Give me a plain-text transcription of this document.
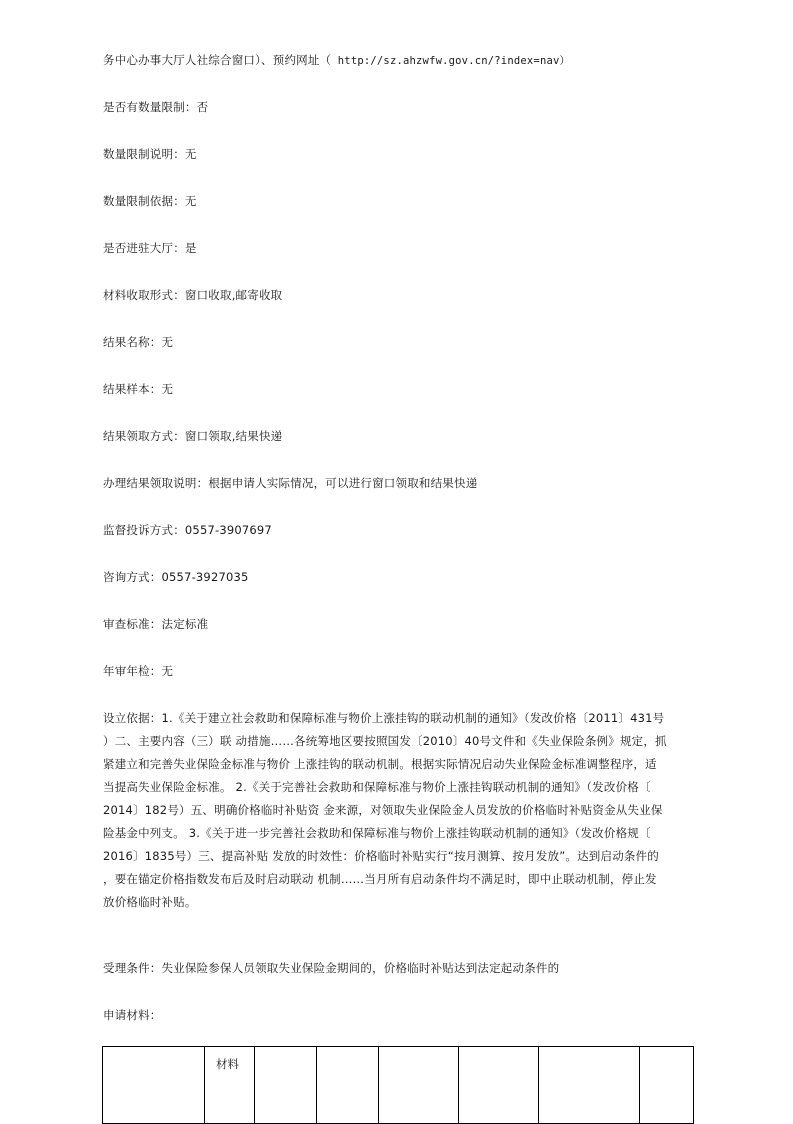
务中心办事大厅人社综合窗口）、预约网址（ http://sz.ahzwfw.gov.cn/?index=nav）
是否有数量限制：否
数量限制说明：无
数量限制依据：无
是否进驻大厅：是
材料收取形式：窗口收取,邮寄收取
结果名称：无
结果样本：无
结果领取方式：窗口领取,结果快递
办理结果领取说明：根据申请人实际情况，可以进行窗口领取和结果快递
监督投诉方式：0557-3907697
咨询方式：0557-3927035
审查标准：法定标准
年审年检：无
设立依据：1.《关于建立社会救助和保障标准与物价上涨挂钩的联动机制的通知》（发改价格〔2011〕431号
）二、主要内容（三）联 动措施……各统筹地区要按照国发〔2010〕40号文件和《失业保险条例》规定，抓
紧建立和完善失业保险金标准与物价 上涨挂钩的联动机制。根据实际情况启动失业保险金标准调整程序，适
当提高失业保险金标准。 2.《关于完善社会救助和保障标准与物价上涨挂钩联动机制的通知》（发改价格〔
2014〕182号）五、明确价格临时补贴资 金来源，对领取失业保险金人员发放的价格临时补贴资金从失业保
险基金中列支。 3.《关于进一步完善社会救助和保障标准与物价上涨挂钩联动机制的通知》（发改价格规〔
2016〕1835号）三、提高补贴 发放的时效性：价格临时补贴实行“按月测算、按月发放”。达到启动条件的
，要在锚定价格指数发布后及时启动联动 机制……当月所有启动条件均不满足时，即中止联动机制，停止发
放价格临时补贴。
受理条件：失业保险参保人员领取失业保险金期间的，价格临时补贴达到法定起动条件的
申请材料：

材料
